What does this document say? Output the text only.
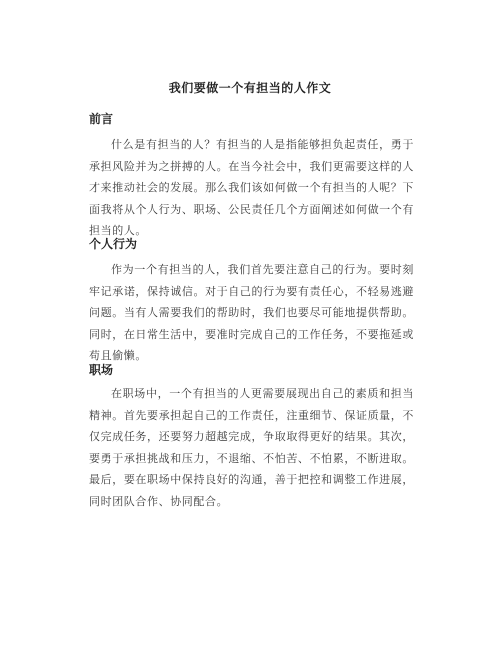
我们要做一个有担当的人作文
前言
什么是有担当的人？有担当的人是指能够担负起责任，勇于承担风险并为之拼搏的人。在当今社会中，我们更需要这样的人才来推动社会的发展。那么我们该如何做一个有担当的人呢？下面我将从个人行为、职场、公民责任几个方面阐述如何做一个有担当的人。
个人行为
作为一个有担当的人，我们首先要注意自己的行为。要时刻牢记承诺，保持诚信。对于自己的行为要有责任心，不轻易逃避问题。当有人需要我们的帮助时，我们也要尽可能地提供帮助。同时，在日常生活中，要准时完成自己的工作任务，不要拖延或苟且偷懒。
职场
在职场中，一个有担当的人更需要展现出自己的素质和担当精神。首先要承担起自己的工作责任，注重细节、保证质量，不仅完成任务，还要努力超越完成，争取取得更好的结果。其次，要勇于承担挑战和压力，不退缩、不怕苦、不怕累，不断进取。最后，要在职场中保持良好的沟通，善于把控和调整工作进展，同时团队合作、协同配合。
